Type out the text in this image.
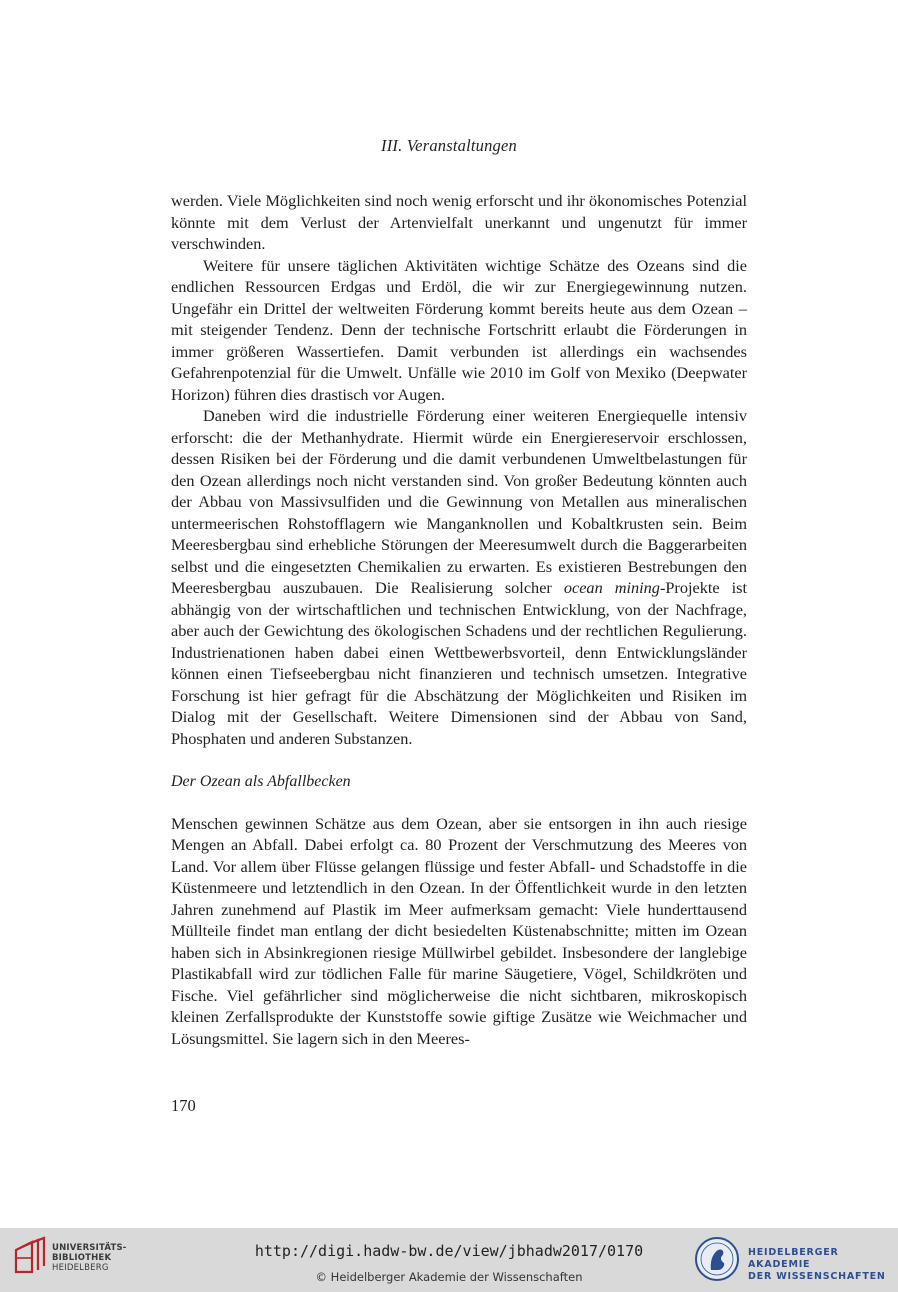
III. Veranstaltungen

werden. Viele Möglichkeiten sind noch wenig erforscht und ihr ökonomisches Potenzial könnte mit dem Verlust der Artenvielfalt unerkannt und ungenutzt für immer verschwinden.

Weitere für unsere täglichen Aktivitäten wichtige Schätze des Ozeans sind die endlichen Ressourcen Erdgas und Erdöl, die wir zur Energiegewinnung nutzen. Ungefähr ein Drittel der weltweiten Förderung kommt bereits heute aus dem Ozean – mit steigender Tendenz. Denn der technische Fortschritt erlaubt die Förderungen in immer größeren Wassertiefen. Damit verbunden ist allerdings ein wachsendes Gefahrenpotenzial für die Umwelt. Unfälle wie 2010 im Golf von Mexiko (Deepwater Horizon) führen dies drastisch vor Augen.

Daneben wird die industrielle Förderung einer weiteren Energiequelle intensiv erforscht: die der Methanhydrate. Hiermit würde ein Energiereservoir erschlossen, dessen Risiken bei der Förderung und die damit verbundenen Umweltbelastungen für den Ozean allerdings noch nicht verstanden sind. Von großer Bedeutung könnten auch der Abbau von Massivsulfiden und die Gewinnung von Metallen aus mineralischen untermeerischen Rohstofflagern wie Manganknollen und Kobaltkrusten sein. Beim Meeresbergbau sind erhebliche Störungen der Meeresumwelt durch die Baggerarbeiten selbst und die eingesetzten Chemikalien zu erwarten. Es existieren Bestrebungen den Meeresbergbau auszubauen. Die Realisierung solcher ocean mining-Projekte ist abhängig von der wirtschaftlichen und technischen Entwicklung, von der Nachfrage, aber auch der Gewichtung des ökologischen Schadens und der rechtlichen Regulierung. Industrienationen haben dabei einen Wettbewerbsvorteil, denn Entwicklungsländer können einen Tiefseebergbau nicht finanzieren und technisch umsetzen. Integrative Forschung ist hier gefragt für die Abschätzung der Möglichkeiten und Risiken im Dialog mit der Gesellschaft. Weitere Dimensionen sind der Abbau von Sand, Phosphaten und anderen Substanzen.

Der Ozean als Abfallbecken

Menschen gewinnen Schätze aus dem Ozean, aber sie entsorgen in ihn auch riesige Mengen an Abfall. Dabei erfolgt ca. 80 Prozent der Verschmutzung des Meeres von Land. Vor allem über Flüsse gelangen flüssige und fester Abfall- und Schadstoffe in die Küstenmeere und letztendlich in den Ozean. In der Öffentlichkeit wurde in den letzten Jahren zunehmend auf Plastik im Meer aufmerksam gemacht: Viele hunderttausend Müllteile findet man entlang der dicht besiedelten Küstenabschnitte; mitten im Ozean haben sich in Absinkregionen riesige Müllwirbel gebildet. Insbesondere der langlebige Plastikabfall wird zur tödlichen Falle für marine Säugetiere, Vögel, Schildkröten und Fische. Viel gefährlicher sind möglicherweise die nicht sichtbaren, mikroskopisch kleinen Zerfallsprodukte der Kunststoffe sowie giftige Zusätze wie Weichmacher und Lösungsmittel. Sie lagern sich in den Meeres-

170
UNIVERSITÄTS-
BIBLIOTHEK
HEIDELBERG
http://digi.hadw-bw.de/view/jbhadw2017/0170
© Heidelberger Akademie der Wissenschaften
HEIDELBERGER AKADEMIE
DER WISSENSCHAFTEN
